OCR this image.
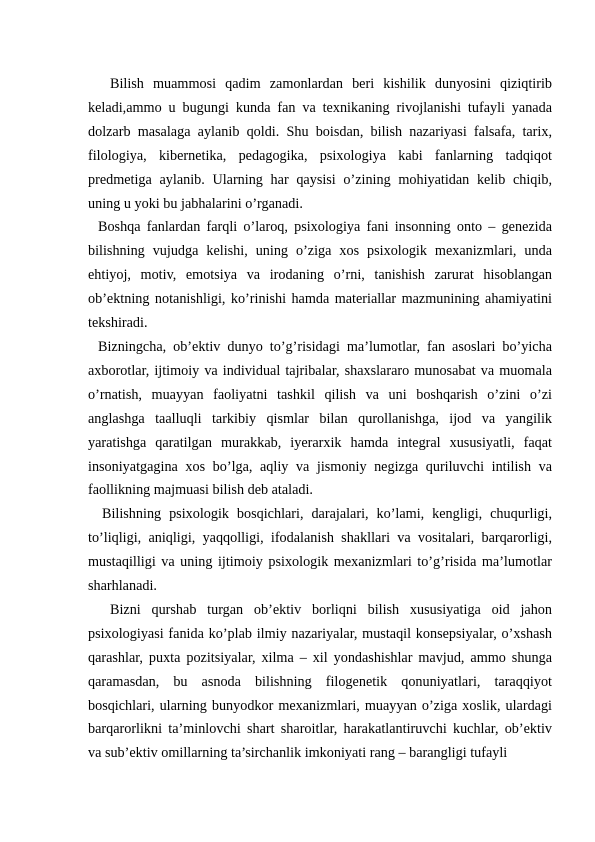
Bilish muammosi qadim zamonlardan beri kishilik dunyosini qiziqtirib keladi,ammo u bugungi kunda fan va texnikaning rivojlanishi tufayli yanada dolzarb masalaga aylanib qoldi. Shu boisdan, bilish nazariyasi falsafa, tarix, filologiya, kibernetika, pedagogika, psixologiya kabi fanlarning tadqiqot predmetiga aylanib. Ularning har qaysisi o’zining mohiyatidan kelib chiqib, uning u yoki bu jabhalarini o’rganadi.

Boshqa fanlardan farqli o’laroq, psixologiya fani insonning onto – genezida bilishning vujudga kelishi, uning o’ziga xos psixologik mexanizmlari, unda ehtiyoj, motiv, emotsiya va irodaning o’rni, tanishish zarurat hisoblangan ob’ektning notanishligi, ko’rinishi hamda materiallar mazmunining ahamiyatini tekshiradi.

Bizningcha, ob’ektiv dunyo to’g’risidagi ma’lumotlar, fan asoslari bo’yicha axborotlar, ijtimoiy va individual tajribalar, shaxslararo munosabat va muomala o’rnatish, muayyan faoliyatni tashkil qilish va uni boshqarish o’zini o’zi anglashga taalluqli tarkibiy qismlar bilan qurollanishga, ijod va yangilik yaratishga qaratilgan murakkab, iyerarxik hamda integral xususiyatli, faqat insoniyatgagina xos bo’lga, aqliy va jismoniy negizga quriluvchi intilish va faollikning majmuasi bilish deb ataladi.

Bilishning psixologik bosqichlari, darajalari, ko’lami, kengligi, chuqurligi, to’liqligi, aniqligi, yaqqolligi, ifodalanish shakllari va vositalari, barqarorligi, mustaqilligi va uning ijtimoiy psixologik mexanizmlari to’g’risida ma’lumotlar sharhlanadi.

Bizni qurshab turgan ob’ektiv borliqni bilish xususiyatiga oid jahon psixologiyasi fanida ko’plab ilmiy nazariyalar, mustaqil konsepsiyalar, o’xshash qarashlar, puxta pozitsiyalar, xilma – xil yondashishlar mavjud, ammo shunga qaramasdan, bu asnoda bilishning filogenetik qonuniyatlari, taraqqiyot bosqichlari, ularning bunyodkor mexanizmlari, muayyan o’ziga xoslik, ulardagi barqarorlikni ta’minlovchi shart sharoitlar, harakatlantiruvchi kuchlar, ob’ektiv va sub’ektiv omillarning ta’sirchanlik imkoniyati rang – barangligi tufayli
